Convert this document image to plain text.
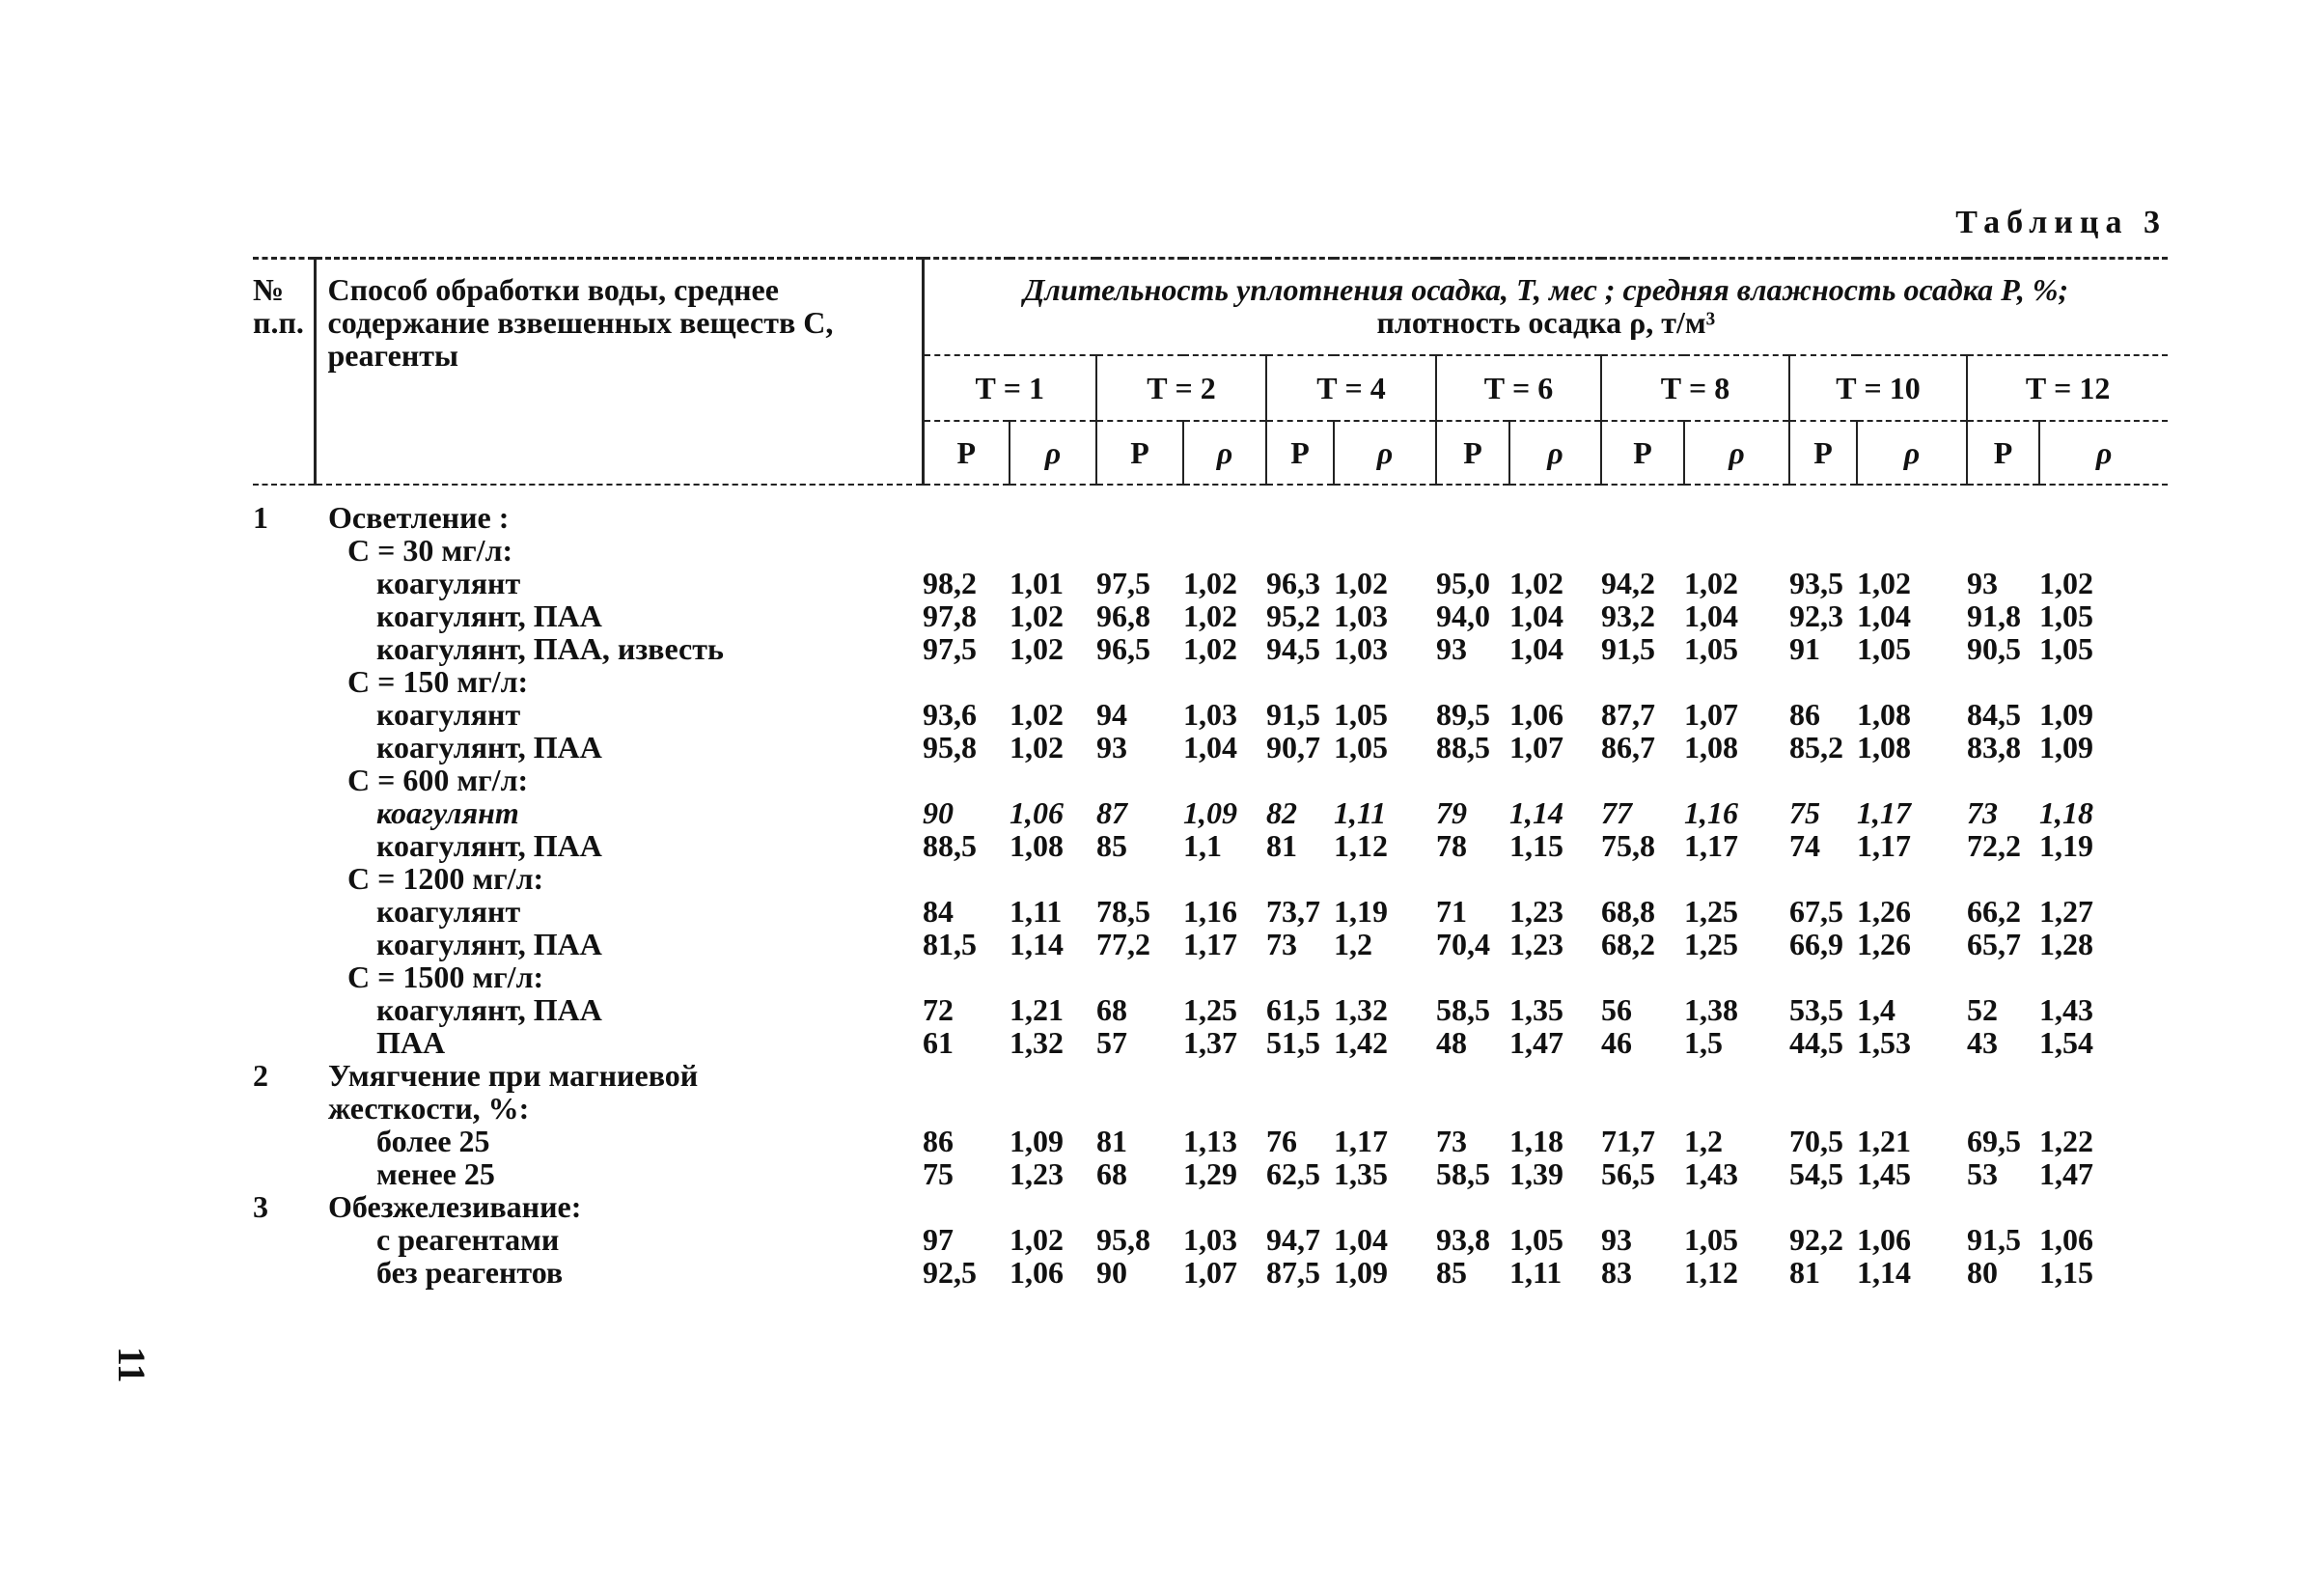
11
Таблица 3
№ п.п.	Способ обработки воды, среднее содержание взвешенных веществ С, реагенты	Длительность уплотнения осадка, Т, мес ; средняя влажность осадка Р, %;
плотность осадка ρ, т/м³													

		Т = 1		Т = 2		Т = 4		Т = 6		Т = 8		Т = 10		Т = 12	
		Р	ρ	Р	ρ	Р	ρ	Р	ρ	Р	ρ	Р	ρ	Р	ρ
1	Осветление :														
	С = 30 мг/л:														
	коагулянт	98,2	1,01	97,5	1,02	96,3	1,02	95,0	1,02	94,2	1,02	93,5	1,02	93	1,02
	коагулянт, ПАА	97,8	1,02	96,8	1,02	95,2	1,03	94,0	1,04	93,2	1,04	92,3	1,04	91,8	1,05
	коагулянт, ПАА, известь	97,5	1,02	96,5	1,02	94,5	1,03	93	1,04	91,5	1,05	91	1,05	90,5	1,05
	С = 150 мг/л:														
	коагулянт	93,6	1,02	94	1,03	91,5	1,05	89,5	1,06	87,7	1,07	86	1,08	84,5	1,09
	коагулянт, ПАА	95,8	1,02	93	1,04	90,7	1,05	88,5	1,07	86,7	1,08	85,2	1,08	83,8	1,09
	С = 600 мг/л:														
	коагулянт	90	1,06	87	1,09	82	1,11	79	1,14	77	1,16	75	1,17	73	1,18
	коагулянт, ПАА	88,5	1,08	85	1,1	81	1,12	78	1,15	75,8	1,17	74	1,17	72,2	1,19
	С = 1200 мг/л:														
	коагулянт	84	1,11	78,5	1,16	73,7	1,19	71	1,23	68,8	1,25	67,5	1,26	66,2	1,27
	коагулянт, ПАА	81,5	1,14	77,2	1,17	73	1,2	70,4	1,23	68,2	1,25	66,9	1,26	65,7	1,28
	С = 1500 мг/л:														
	коагулянт, ПАА	72	1,21	68	1,25	61,5	1,32	58,5	1,35	56	1,38	53,5	1,4	52	1,43
	ПАА	61	1,32	57	1,37	51,5	1,42	48	1,47	46	1,5	44,5	1,53	43	1,54
2	Умягчение при магниевой														
	жесткости, %:														
	более 25	86	1,09	81	1,13	76	1,17	73	1,18	71,7	1,2	70,5	1,21	69,5	1,22
	менее 25	75	1,23	68	1,29	62,5	1,35	58,5	1,39	56,5	1,43	54,5	1,45	53	1,47
3	Обезжелезивание:														
	с реагентами	97	1,02	95,8	1,03	94,7	1,04	93,8	1,05	93	1,05	92,2	1,06	91,5	1,06
	без реагентов	92,5	1,06	90	1,07	87,5	1,09	85	1,11	83	1,12	81	1,14	80	1,15
